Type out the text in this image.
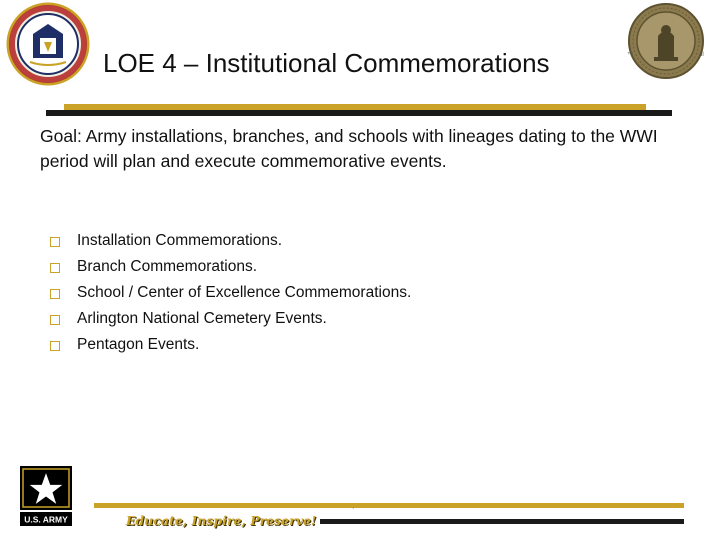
™	ll
LOE 4 – Institutional Commemorations
Goal: Army installations, branches, and schools with lineages dating to the WWI period will plan and execute commemorative events.
Installation Commemorations.
Branch Commemorations.
School / Center of Excellence Commemorations.
Arlington National Cemetery Events.
Pentagon Events.
·
U.S. ARMY	Educate, Inspire, Preserve!
